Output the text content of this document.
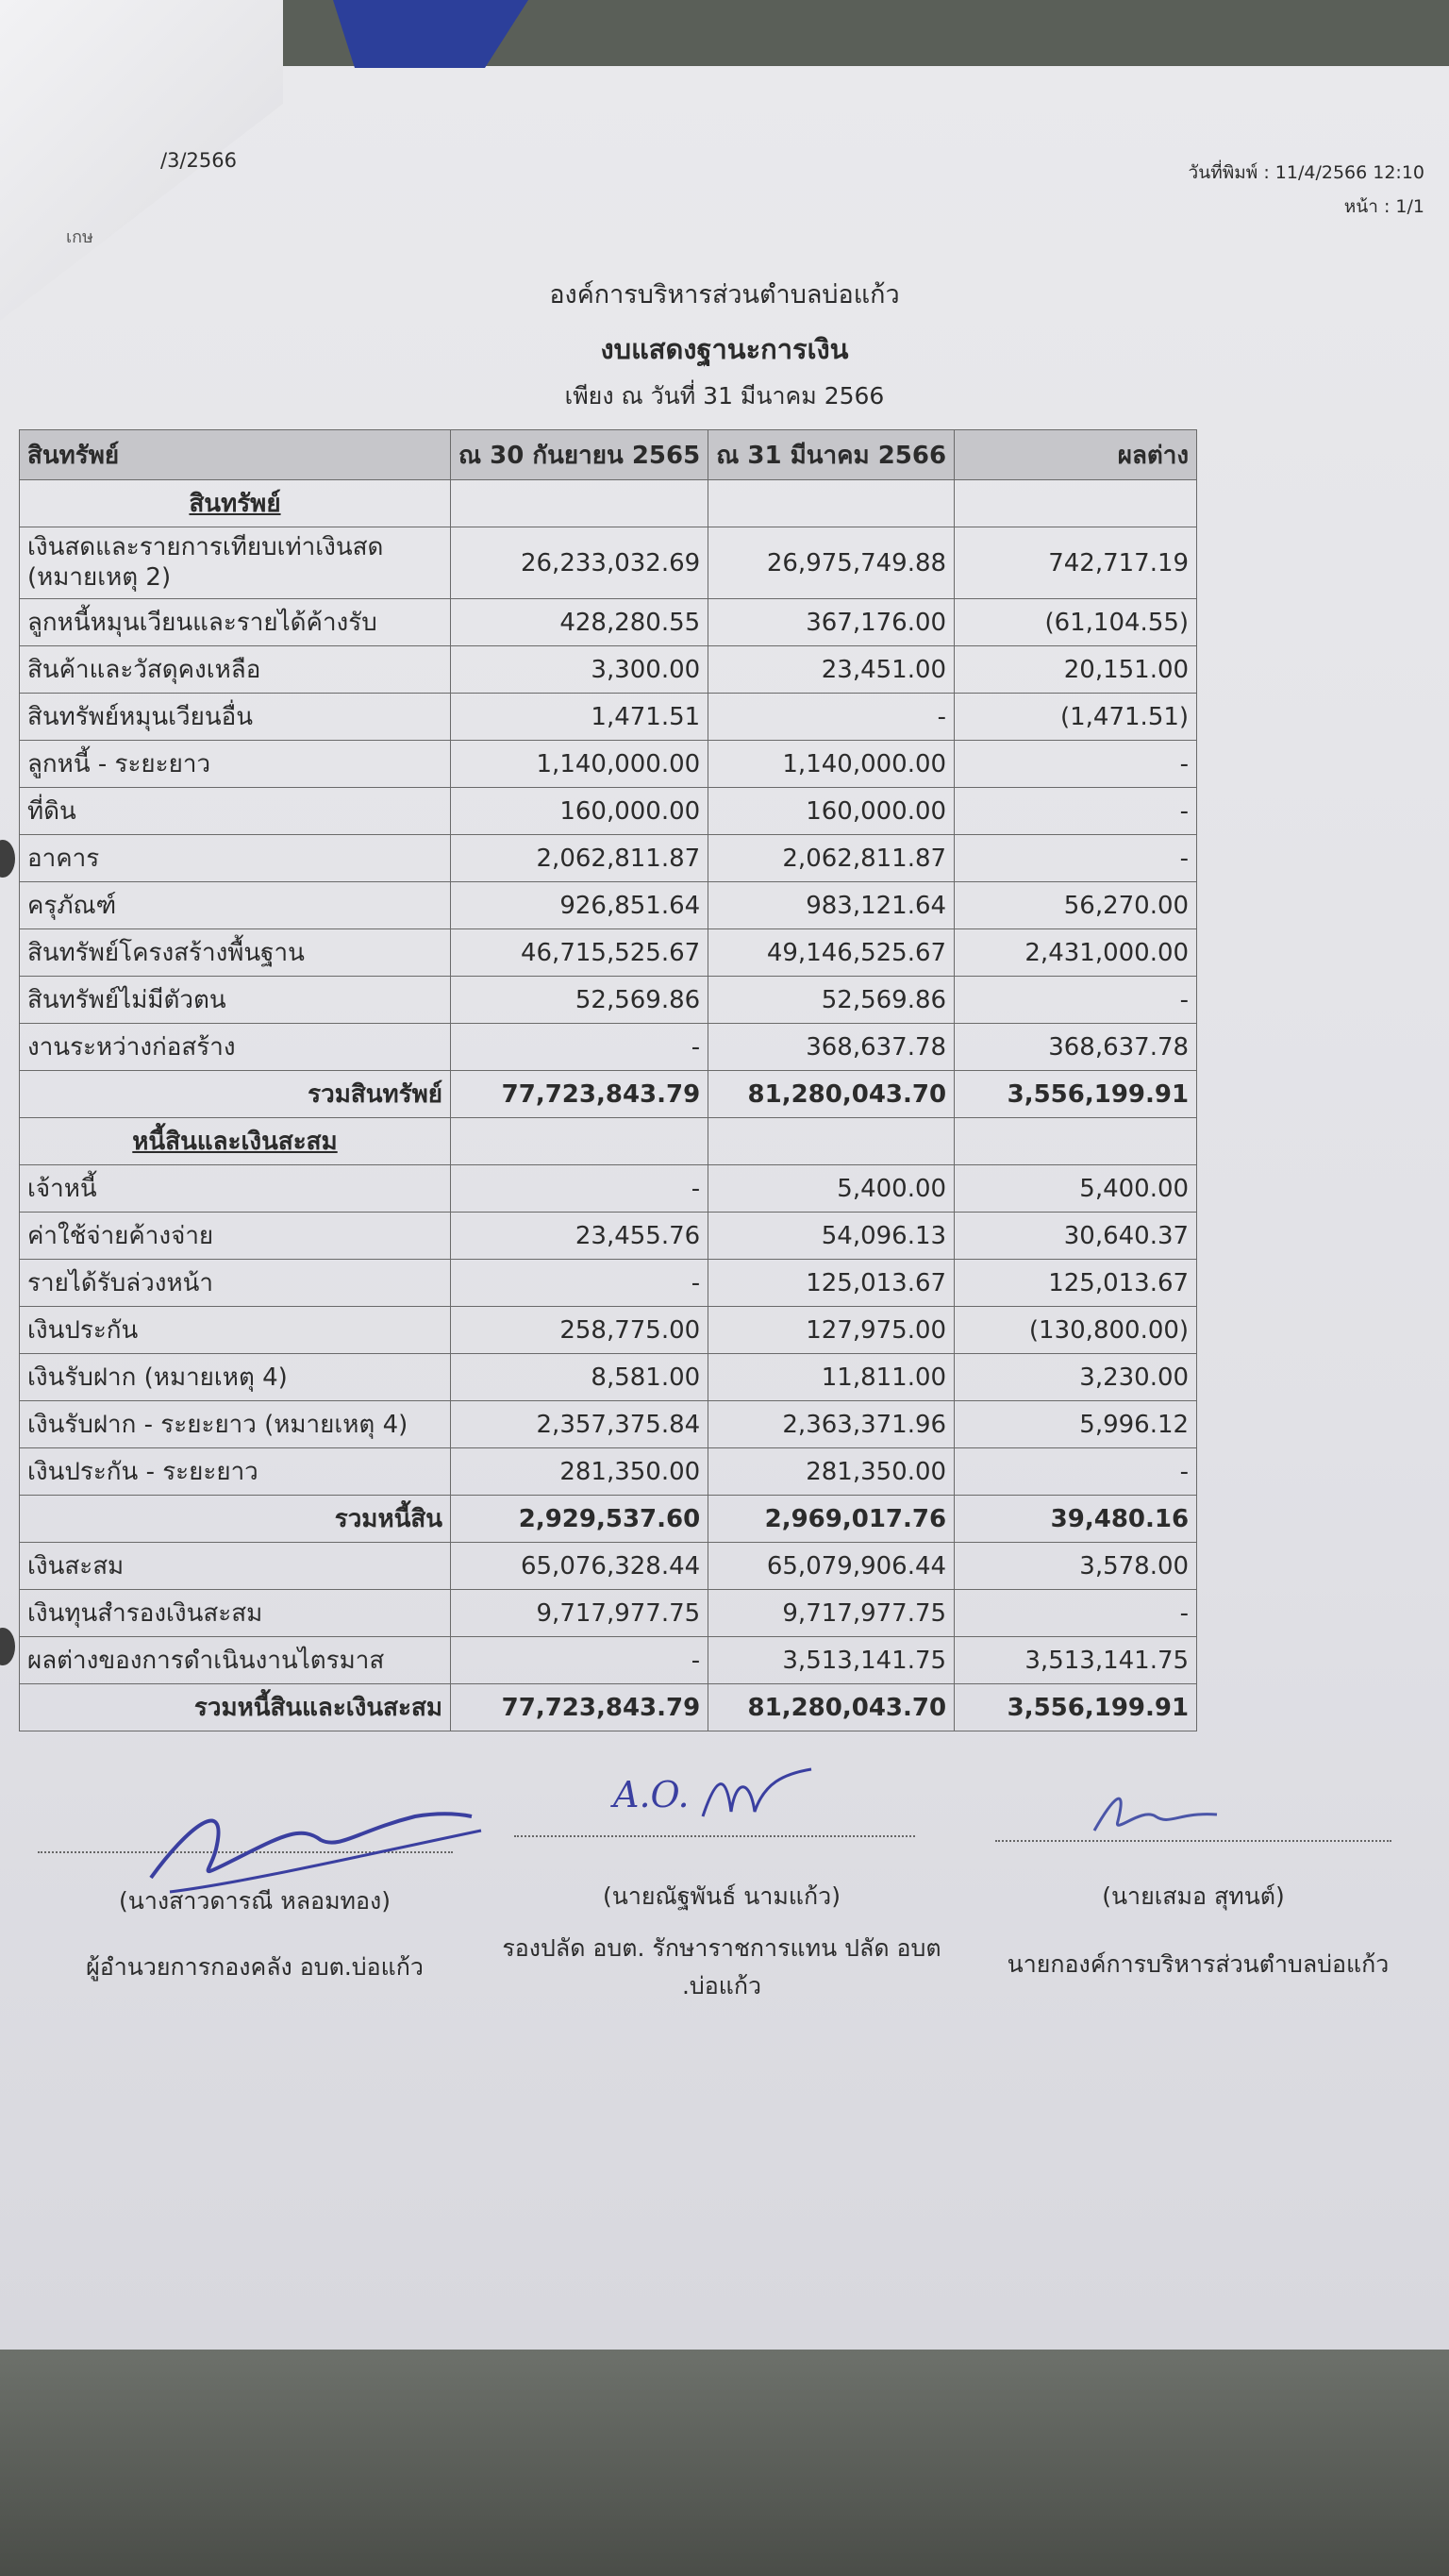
/3/2566
เกษ
วันที่พิมพ์ : 11/4/2566 12:10
หน้า : 1/1
องค์การบริหารส่วนตำบลบ่อแก้ว
งบแสดงฐานะการเงิน
เพียง ณ วันที่ 31 มีนาคม 2566
สินทรัพย์	ณ 30 กันยายน 2565	ณ 31 มีนาคม 2566	ผลต่าง
สินทรัพย์			
เงินสดและรายการเทียบเท่าเงินสด (หมายเหตุ 2)	26,233,032.69	26,975,749.88	742,717.19
ลูกหนี้หมุนเวียนและรายได้ค้างรับ	428,280.55	367,176.00	(61,104.55)
สินค้าและวัสดุคงเหลือ	3,300.00	23,451.00	20,151.00
สินทรัพย์หมุนเวียนอื่น	1,471.51	-	(1,471.51)
ลูกหนี้ - ระยะยาว	1,140,000.00	1,140,000.00	-
ที่ดิน	160,000.00	160,000.00	-
อาคาร	2,062,811.87	2,062,811.87	-
ครุภัณฑ์	926,851.64	983,121.64	56,270.00
สินทรัพย์โครงสร้างพื้นฐาน	46,715,525.67	49,146,525.67	2,431,000.00
สินทรัพย์ไม่มีตัวตน	52,569.86	52,569.86	-
งานระหว่างก่อสร้าง	-	368,637.78	368,637.78
รวมสินทรัพย์	77,723,843.79	81,280,043.70	3,556,199.91
หนี้สินและเงินสะสม			
เจ้าหนี้	-	5,400.00	5,400.00
ค่าใช้จ่ายค้างจ่าย	23,455.76	54,096.13	30,640.37
รายได้รับล่วงหน้า	-	125,013.67	125,013.67
เงินประกัน	258,775.00	127,975.00	(130,800.00)
เงินรับฝาก (หมายเหตุ 4)	8,581.00	11,811.00	3,230.00
เงินรับฝาก - ระยะยาว (หมายเหตุ 4)	2,357,375.84	2,363,371.96	5,996.12
เงินประกัน - ระยะยาว	281,350.00	281,350.00	-
รวมหนี้สิน	2,929,537.60	2,969,017.76	39,480.16
เงินสะสม	65,076,328.44	65,079,906.44	3,578.00
เงินทุนสำรองเงินสะสม	9,717,977.75	9,717,977.75	-
ผลต่างของการดำเนินงานไตรมาส	-	3,513,141.75	3,513,141.75
รวมหนี้สินและเงินสะสม	77,723,843.79	81,280,043.70	3,556,199.91
A.O.
(นางสาวดารณี หลอมทอง)
ผู้อำนวยการกองคลัง อบต.บ่อแก้ว
(นายณัฐพันธ์ นามแก้ว)
รองปลัด อบต. รักษาราชการแทน ปลัด อบต
.บ่อแก้ว
(นายเสมอ สุทนต์)
นายกองค์การบริหารส่วนตำบลบ่อแก้ว
